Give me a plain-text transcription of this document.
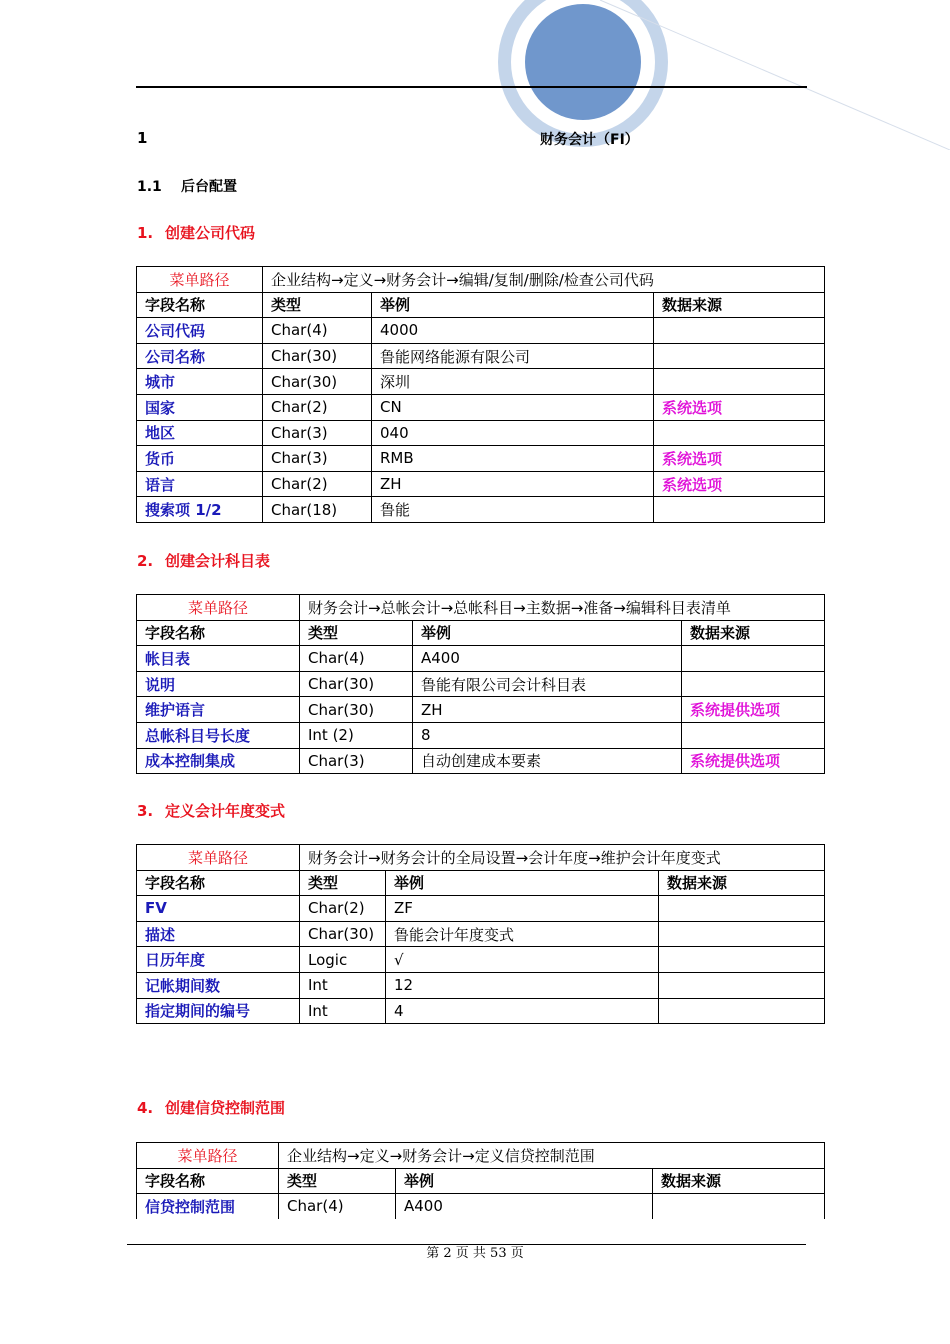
1	财务会计（FI）
1.1 后台配置
1. 创建公司代码
菜单路径	企业结构→定义→财务会计→编辑/复制/删除/检查公司代码		
字段名称	类型	举例	数据来源
公司代码	Char(4)	4000	
公司名称	Char(30)	鲁能网络能源有限公司	
城市	Char(30)	深圳	
国家	Char(2)	CN	系统选项
地区	Char(3)	040	
货币	Char(3)	RMB	系统选项
语言	Char(2)	ZH	系统选项
搜索项 1/2	Char(18)	鲁能	
2. 创建会计科目表
菜单路径	财务会计→总帐会计→总帐科目→主数据→准备→编辑科目表清单		
字段名称	类型	举例	数据来源
帐目表	Char(4)	A400	
说明	Char(30)	鲁能有限公司会计科目表	
维护语言	Char(30)	ZH	系统提供选项
总帐科目号长度	Int (2)	8	
成本控制集成	Char(3)	自动创建成本要素	系统提供选项
3. 定义会计年度变式
菜单路径	财务会计→财务会计的全局设置→会计年度→维护会计年度变式		
字段名称	类型	举例	数据来源
FV	Char(2)	ZF	
描述	Char(30)	鲁能会计年度变式	
日历年度	Logic	√	
记帐期间数	Int	12	
指定期间的编号	Int	4	
4. 创建信贷控制范围
菜单路径	企业结构→定义→财务会计→定义信贷控制范围		
字段名称	类型	举例	数据来源
信贷控制范围	Char(4)	A400	
第 2 页 共 53 页
